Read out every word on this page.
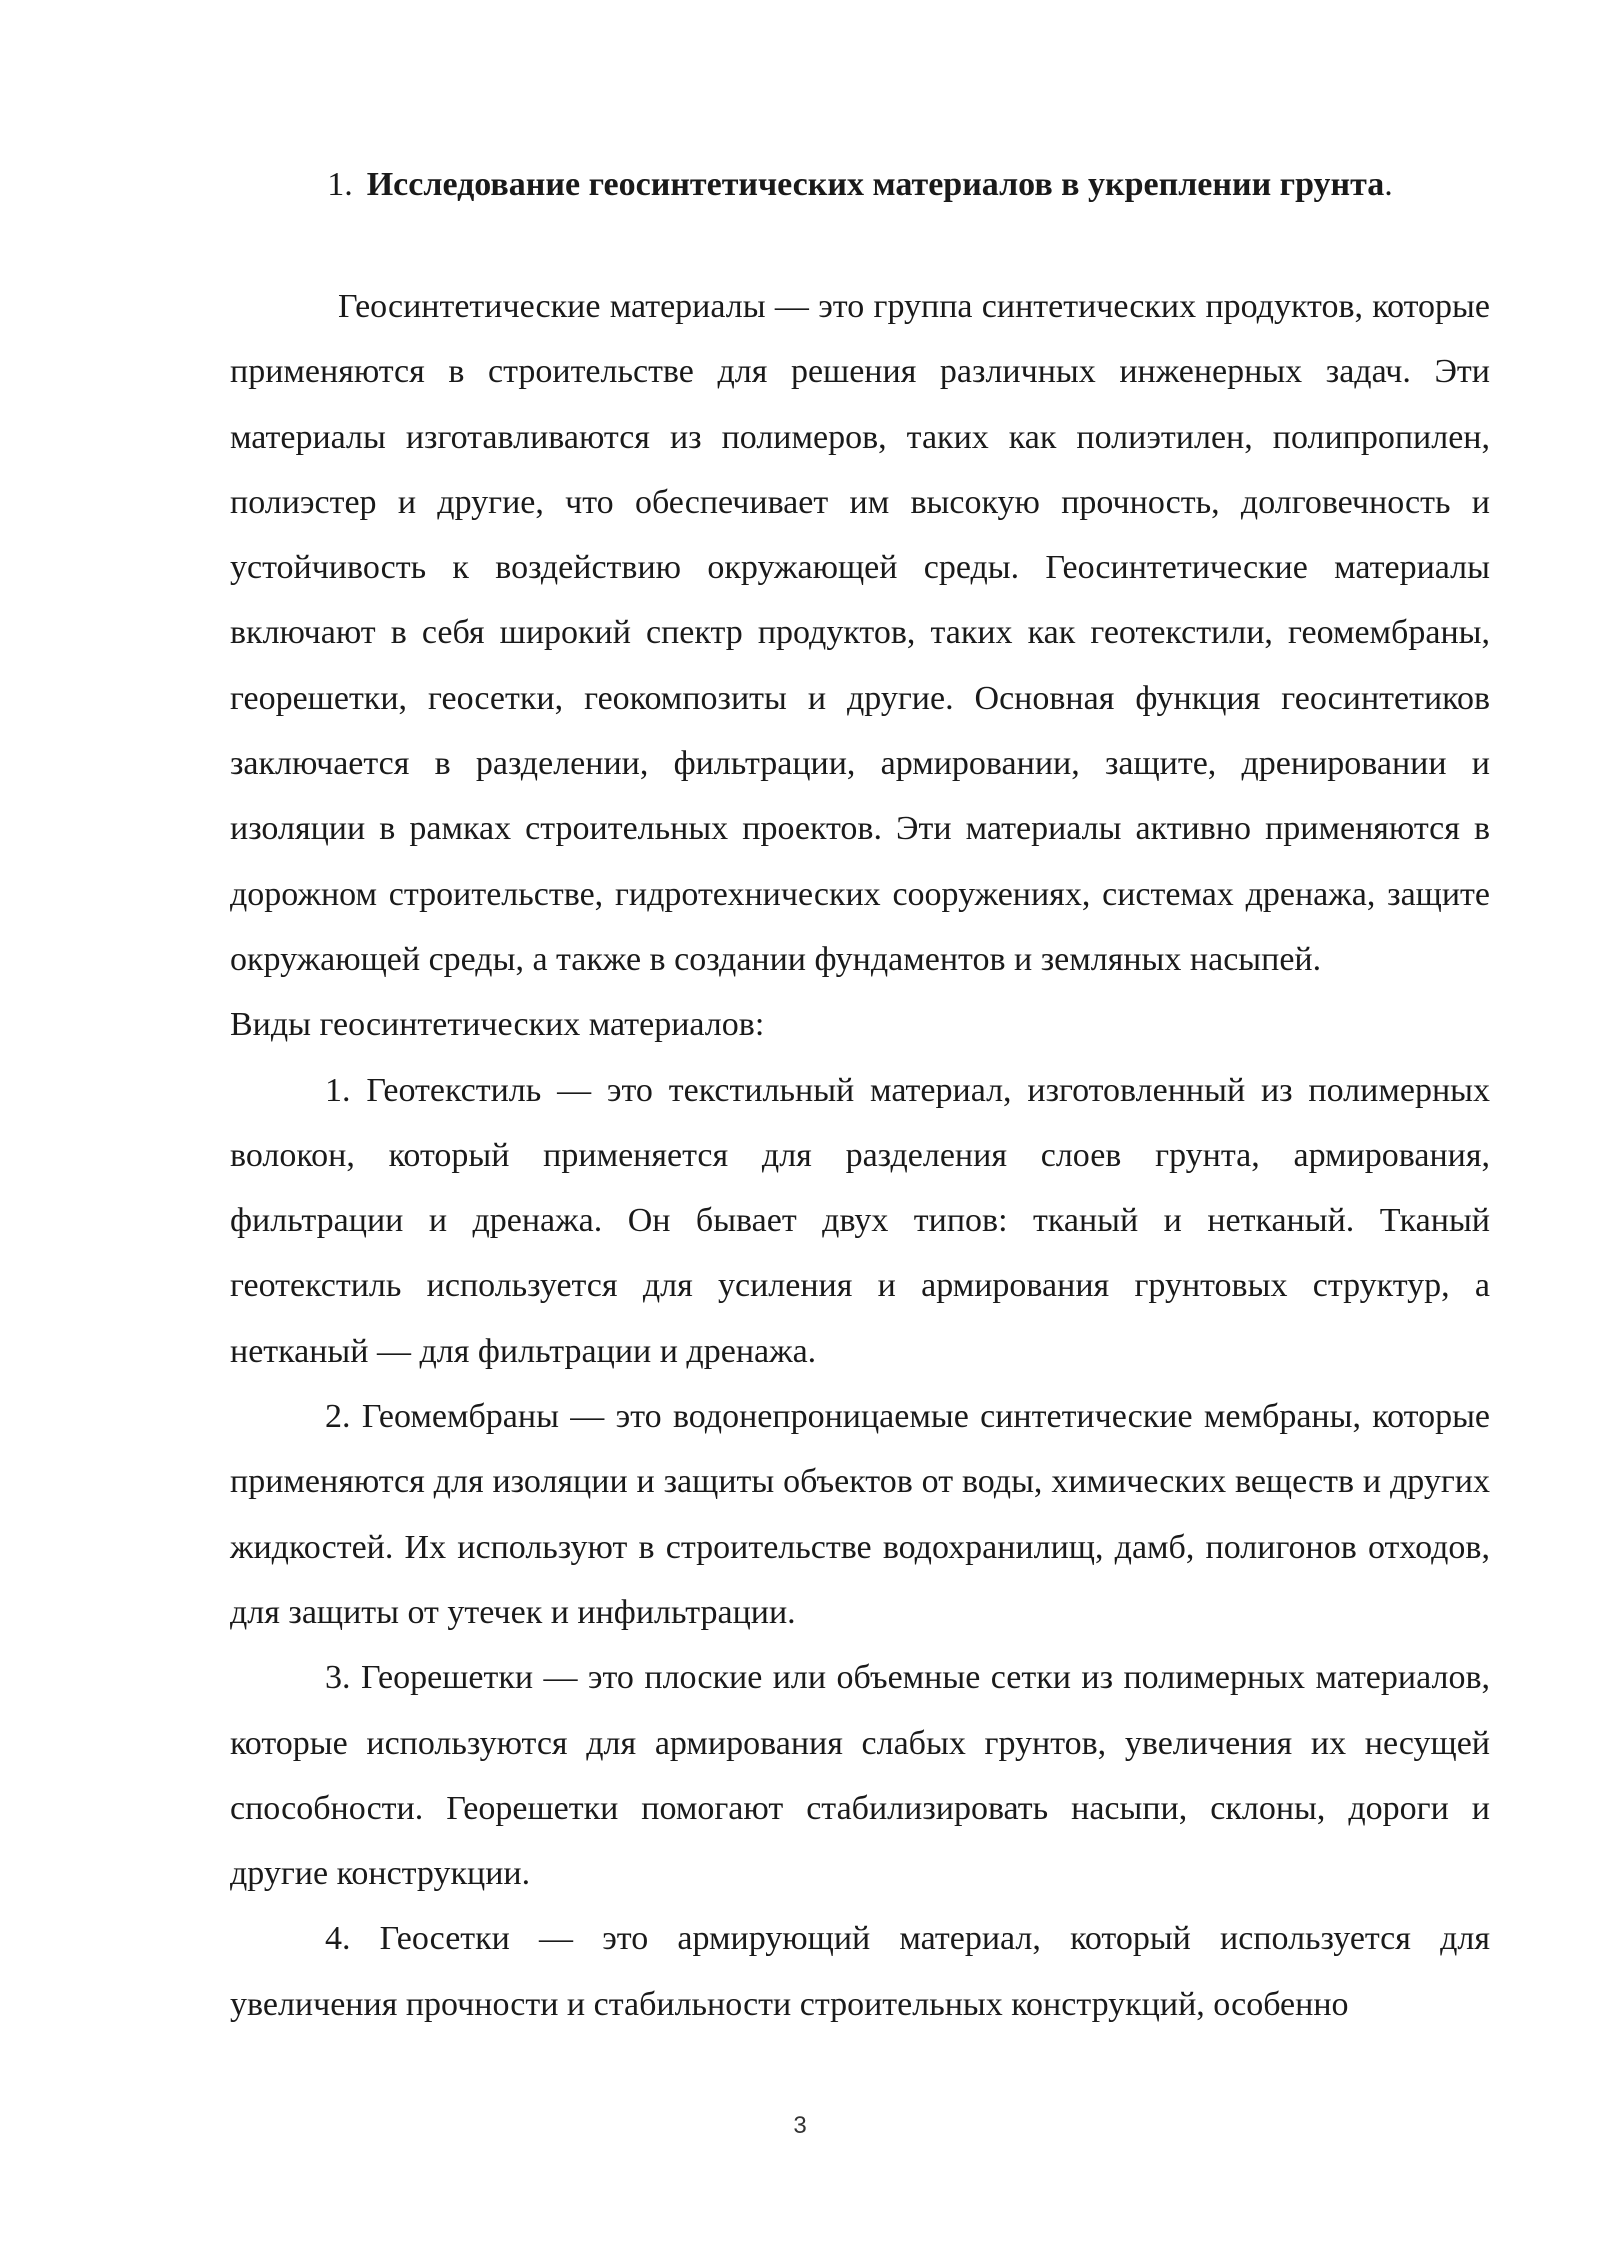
1. Исследование геосинтетических материалов в укреплении грунта.

Геосинтетические материалы — это группа синтетических продуктов, которые применяются в строительстве для решения различных инженерных задач. Эти материалы изготавливаются из полимеров, таких как полиэтилен, полипропилен, полиэстер и другие, что обеспечивает им высокую прочность, долговечность и устойчивость к воздействию окружающей среды. Геосинтетические материалы включают в себя широкий спектр продуктов, таких как геотекстили, геомембраны, георешетки, геосетки, геокомпозиты и другие. Основная функция геосинтетиков заключается в разделении, фильтрации, армировании, защите, дренировании и изоляции в рамках строительных проектов. Эти материалы активно применяются в дорожном строительстве, гидротехнических сооружениях, системах дренажа, защите окружающей среды, а также в создании фундаментов и земляных насыпей.

Виды геосинтетических материалов:

1. Геотекстиль — это текстильный материал, изготовленный из полимерных волокон, который применяется для разделения слоев грунта, армирования, фильтрации и дренажа. Он бывает двух типов: тканый и нетканый. Тканый геотекстиль используется для усиления и армирования грунтовых структур, а нетканый — для фильтрации и дренажа.

2. Геомембраны — это водонепроницаемые синтетические мембраны, которые применяются для изоляции и защиты объектов от воды, химических веществ и других жидкостей. Их используют в строительстве водохранилищ, дамб, полигонов отходов, для защиты от утечек и инфильтрации.

3. Георешетки — это плоские или объемные сетки из полимерных материалов, которые используются для армирования слабых грунтов, увеличения их несущей способности. Георешетки помогают стабилизировать насыпи, склоны, дороги и другие конструкции.

4. Геосетки — это армирующий материал, который используется для увеличения прочности и стабильности строительных конструкций, особенно

3
